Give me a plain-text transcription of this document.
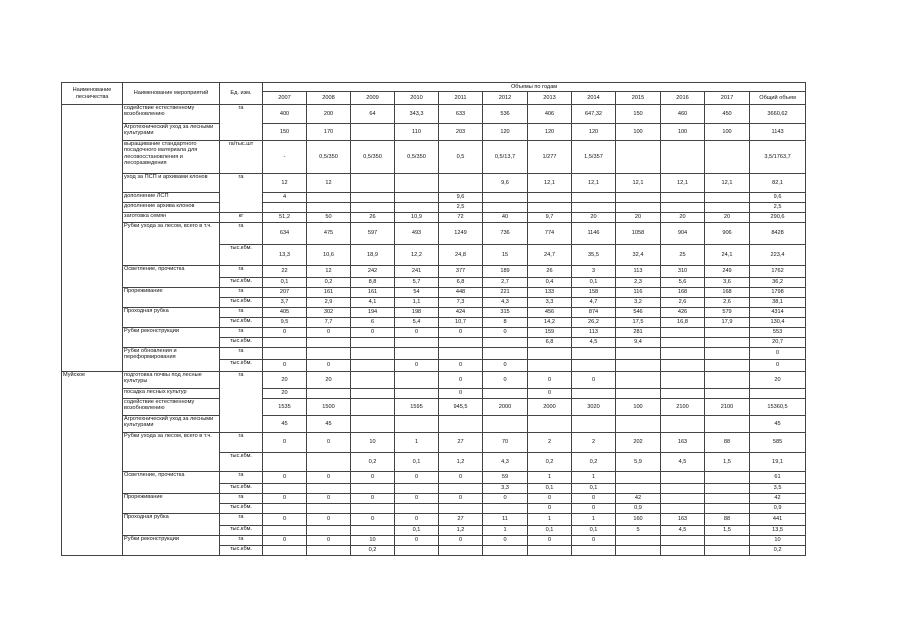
Наименование лесничества	Наименование мероприятий	Ед. изм.	Объемы по годам											
			2007	2008	2009	2010	2011	2012	2013	2014	2015	2016	2017	Общий объем
	содействие естественному возобновлению	га	400	200	64	343,3	633	536	406	647,32	150	460	450	3660,62
	Агротехнический уход за лесными культурами		150	170		110	203	120	120	120	100	100	100	1143
	выращивание стандартного посадочного материала для лесовосстановления и лесоразведения	га/тыс.шт	-	0,5/350	0,5/350	0,5/350	0,5	0,5/13,7	1/277	1,5/357				3,5/1763,7
	уход за ПСП и архивами клонов	га	12	12				9,6	12,1	12,1	12,1	12,1	12,1	82,1
	дополнение ЛСП		4				9,6							9,6
	дополнение архива клонов						2,5							2,5
	заготовка семян	кг	51,2	50	26	10,9	72	40	9,7	20	20	20	20	290,6
	Рубки ухода за лесом, всего в т.ч.	га	634	475	597	493	1249	736	774	1146	1058	904	906	8428
		тыс.кбм.	13,3	10,6	18,9	12,2	24,8	15	24,7	35,5	32,4	25	24,1	223,4
	Осветление, прочистка	га	22	12	242	241	377	189	26	3	113	310	249	1762
		тыс.кбм.	0,1	0,2	8,8	5,7	6,8	2,7	0,4	0,1	2,3	5,6	3,6	36,2
	Прореживание	га	207	161	161	54	448	221	133	158	116	168	168	1798
		тыс.кбм.	3,7	2,9	4,1	1,1	7,3	4,3	3,3	4,7	3,2	2,6	2,6	38,1
	Проходная рубка	га	405	302	194	198	424	315	456	874	546	426	579	4314
		тыс.кбм.	9,5	7,7	6	5,4	10,7	8	14,2	26,2	17,5	16,8	17,9	130,4
	Рубки реконструкции	га	0	0	0	0	0	0	159	113	281			553
		тыс.кбм.							6,8	4,5	9,4			20,7
	Рубки обновления и переформирования	га												0
		тыс.кбм.	0	0		0	0	0						0
Муйское	подготовка почвы под лесные культуры	га	20	20			0	0	0	0				20
	посадка лесных культур		20				0		0					
	содействие естественному возобновлению		1535	1500		1595	945,5	2000	2000	3020	100	2100	2100	15360,5
	Агротехнический уход за лесными культурами		45	45										45
	Рубки ухода за лесом, всего в т.ч.	га	0	0	10	1	27	70	2	2	202	163	88	585
		тыс.кбм.			0,2	0,1	1,2	4,3	0,2	0,2	5,9	4,5	1,5	19,1
	Осветление, прочистка	га	0	0	0	0	0	59	1	1				61
		тыс.кбм.						3,3	0,1	0,1				3,5
	Прореживание	га	0	0	0	0	0	0	0	0	42			42
		тыс.кбм.							0	0	0,9			0,9
	Проходная рубка	га	0	0	0	0	27	11	1	1	160	163	88	441
		тыс.кбм.				0,1	1,2	1	0,1	0,1	5	4,5	1,5	13,5
	Рубки реконструкции	га	0	0	10	0	0	0	0	0				10
		тыс.кбм.			0,2									0,2
